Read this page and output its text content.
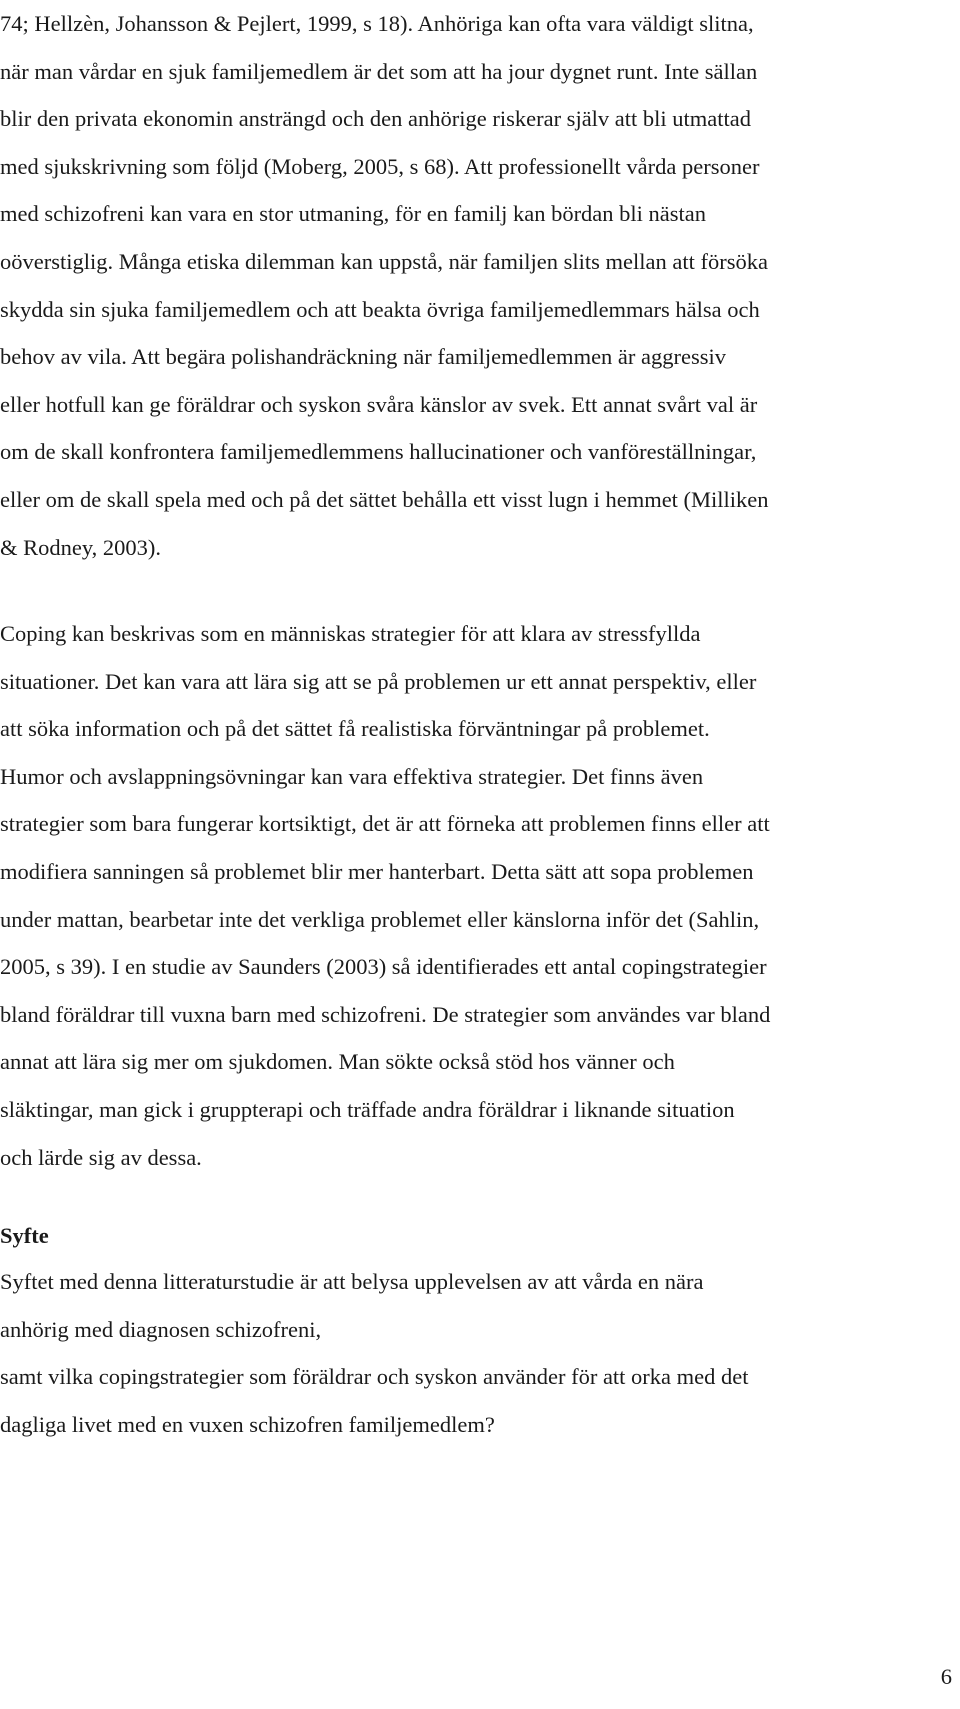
74; Hellzèn, Johansson & Pejlert, 1999, s 18). Anhöriga kan ofta vara väldigt slitna,
när man vårdar en sjuk familjemedlem är det som att ha jour dygnet runt. Inte sällan
blir den privata ekonomin ansträngd och den anhörige riskerar själv att bli utmattad
med sjukskrivning som följd (Moberg, 2005, s 68). Att professionellt vårda personer
med schizofreni kan vara en stor utmaning, för en familj kan bördan bli nästan
oöverstiglig. Många etiska dilemman kan uppstå, när familjen slits mellan att försöka
skydda sin sjuka familjemedlem och att beakta övriga familjemedlemmars hälsa och
behov av vila. Att begära polishandräckning när familjemedlemmen är aggressiv
eller hotfull kan ge föräldrar och syskon svåra känslor av svek. Ett annat svårt val är
om de skall konfrontera familjemedlemmens hallucinationer och vanföreställningar,
eller om de skall spela med och på det sättet behålla ett visst lugn i hemmet (Milliken
& Rodney, 2003).
Coping kan beskrivas som en människas strategier för att klara av stressfyllda
situationer. Det kan vara att lära sig att se på problemen ur ett annat perspektiv, eller
att söka information och på det sättet få realistiska förväntningar på problemet.
Humor och avslappningsövningar kan vara effektiva strategier. Det finns även
strategier som bara fungerar kortsiktigt, det är att förneka att problemen finns eller att
modifiera sanningen så problemet blir mer hanterbart. Detta sätt att sopa problemen
under mattan, bearbetar inte det verkliga problemet eller känslorna inför det (Sahlin,
2005, s 39). I en studie av Saunders (2003) så identifierades ett antal copingstrategier
bland föräldrar till vuxna barn med schizofreni. De strategier som användes var bland
annat att lära sig mer om sjukdomen. Man sökte också stöd hos vänner och
släktingar, man gick i gruppterapi och träffade andra föräldrar i liknande situation
och lärde sig av dessa.
Syfte
Syftet med denna litteraturstudie är att belysa upplevelsen av att vårda en nära
anhörig med diagnosen schizofreni,
samt vilka copingstrategier som föräldrar och syskon använder för att orka med det
dagliga livet med en vuxen schizofren familjemedlem?
6
